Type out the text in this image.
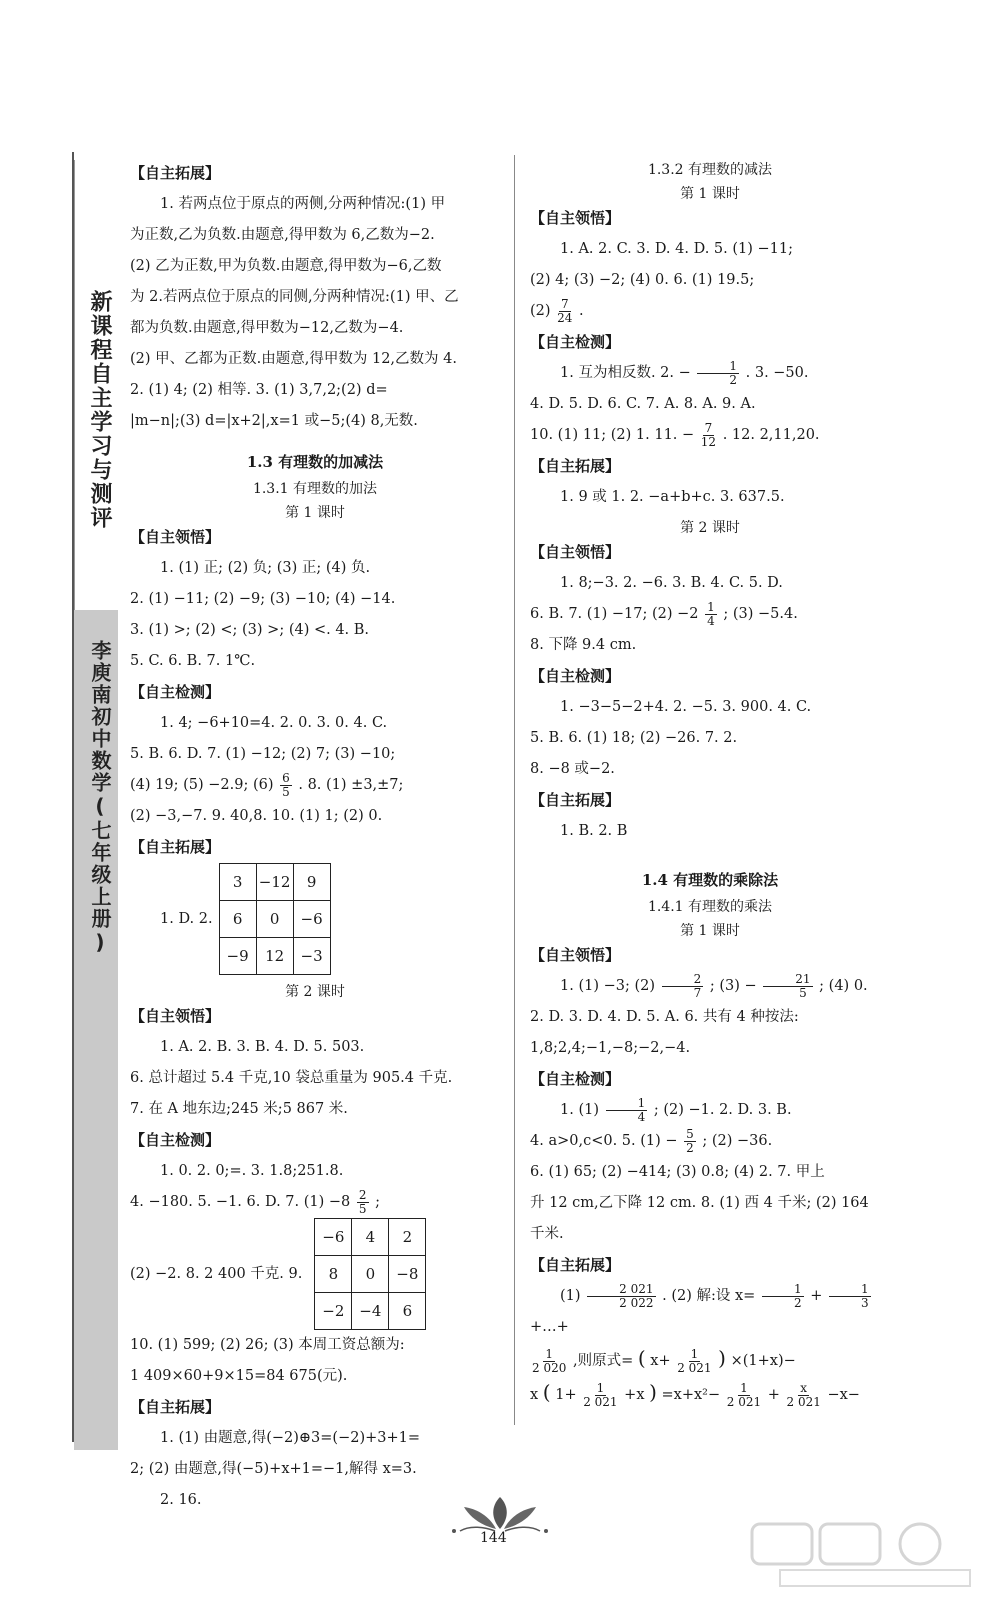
新课程自主学习与测评
李庾南初中数学(七年级上册)
【自主拓展】

1. 若两点位于原点的两侧,分两种情况:(1) 甲

为正数,乙为负数.由题意,得甲数为 6,乙数为−2.

(2) 乙为正数,甲为负数.由题意,得甲数为−6,乙数

为 2.若两点位于原点的同侧,分两种情况:(1) 甲、乙

都为负数.由题意,得甲数为−12,乙数为−4.

(2) 甲、乙都为正数.由题意,得甲数为 12,乙数为 4.

2. (1) 4; (2) 相等. 3. (1) 3,7,2;(2) d=

|m−n|;(3) d=|x+2|,x=1 或−5;(4) 8,无数.

1.3 有理数的加减法
1.3.1 有理数的加法
第 1 课时
【自主领悟】

1. (1) 正; (2) 负; (3) 正; (4) 负.

2. (1) −11; (2) −9; (3) −10; (4) −14.

3. (1) >; (2) <; (3) >; (4) <. 4. B.

5. C. 6. B. 7. 1℃.

【自主检测】

1. 4; −6+10=4. 2. 0. 3. 0. 4. C.

5. B. 6. D. 7. (1) −12; (2) 7; (3) −10;

(4) 19; (5) −2.9; $(6) \frac{6}{5}$ . 8. (1) ±3,±7;

(2) −3,−7. 9. 40,8. 10. (1) 1; (2) 0.

【自主拓展】
1. D. 2.
3	−12	9
6	0	−6
−9	12	−3
第 2 课时
【自主领悟】

1. A. 2. B. 3. B. 4. D. 5. 503.

6. 总计超过 5.4 千克,10 袋总重量为 905.4 千克.

7. 在 A 地东边;245 米;5 867 米.

【自主检测】

1. 0. 2. 0;=. 3. 1.8;251.8.

4. −180. 5. −1. 6. D. 7. $(1) -8 \frac{2}{5}$ ;

(2) −2. 8. 2 400 千克. 9.
−6	4	2
8	0	−8
−2	−4	6

10. (1) 599; (2) 26; (3) 本周工资总额为:

1 409×60+9×15=84 675(元).

【自主拓展】

1. (1) 由题意,得(−2)⊕3=(−2)+3+1=

2; (2) 由题意,得(−5)+x+1=−1,解得 x=3.

2. 16.

1.3.2 有理数的减法
第 1 课时
【自主领悟】

1. A. 2. C. 3. D. 4. D. 5. (1) −11;

(2) 4; (3) −2; (4) 0. 6. (1) 19.5;

$(2) \frac{7}{24}$ .

【自主检测】

1. 互为相反数. 2. − $\frac{1}{2}$ . 3. −50.

4. D. 5. D. 6. C. 7. A. 8. A. 9. A.

10. (1) 11; (2) 1. 11. − $\frac{7}{12}$ . 12. 2,11,20.

【自主拓展】

1. 9 或 1. 2. −a+b+c. 3. 637.5.

第 2 课时
【自主领悟】

1. 8;−3. 2. −6. 3. B. 4. C. 5. D.

6. B. 7. (1) −17; $(2) -2 \frac{1}{4}$ ; (3) −5.4.

8. 下降 9.4 cm.

【自主检测】

1. −3−5−2+4. 2. −5. 3. 900. 4. C.

5. B. 6. (1) 18; (2) −26. 7. 2.

8. −8 或−2.

【自主拓展】

1. B. 2. B

1.4 有理数的乘除法
1.4.1 有理数的乘法
第 1 课时
【自主领悟】

1. (1) −3; $(2) \frac{2}{7}$ ; $(3) - \frac{21}{5}$ ; (4) 0.

2. D. 3. D. 4. D. 5. A. 6. 共有 4 种按法:

1,8;2,4;−1,−8;−2,−4.

【自主检测】

1. $(1) \frac{1}{4}$ ; (2) −1. 2. D. 3. B.

4. a>0,c<0. 5. $(1) - \frac{5}{2}$ ; (2) −36.

6. (1) 65; (2) −414; (3) 0.8; (4) 2. 7. 甲上

升 12 cm,乙下降 12 cm. 8. (1) 西 4 千米; (2) 164

千米.

【自主拓展】

$(1) \frac{2 021}{2 022}$ . (2) 解:设 $x= \frac{1}{2} + \frac{1}{3}$
+…+

$\frac{1}{2 020}$ ,则原式= ( $x+ \frac{1}{2 021}$ ) ×(1+x)−

x ( $1+ \frac{1}{2 021} +x$ ) $=x+x^2- \frac{1}{2 021} + \frac{x}{2 021} -x-$

144
